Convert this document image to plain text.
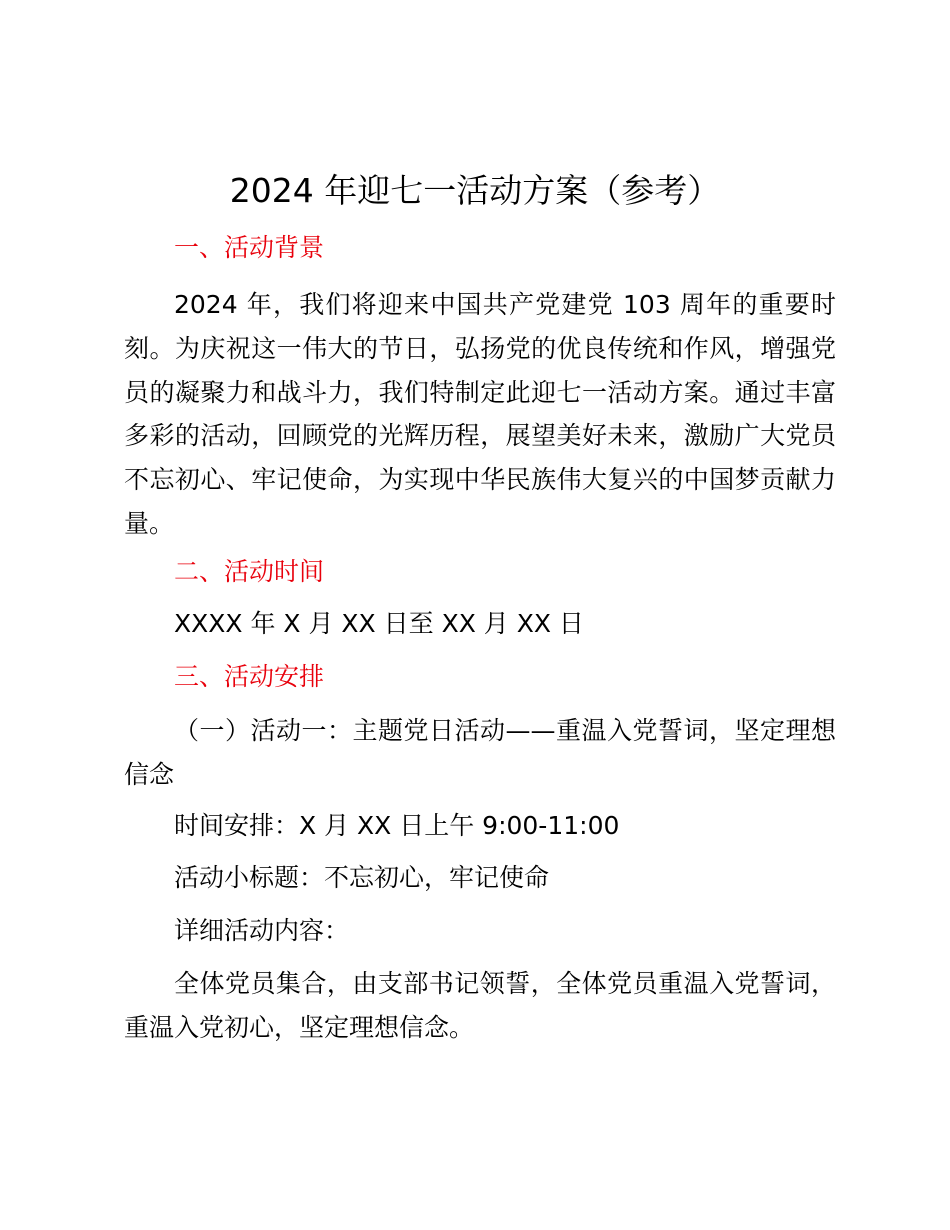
2024 年迎七一活动方案（参考）
一、活动背景

2024 年，我们将迎来中国共产党建党 103 周年的重要时刻。为庆祝这一伟大的节日，弘扬党的优良传统和作风，增强党员的凝聚力和战斗力，我们特制定此迎七一活动方案。通过丰富多彩的活动，回顾党的光辉历程，展望美好未来，激励广大党员不忘初心、牢记使命，为实现中华民族伟大复兴的中国梦贡献力量。

二、活动时间
XXXX 年 X 月 XX 日至 XX 月 XX 日
三、活动安排

（一）活动一：主题党日活动——重温入党誓词，坚定理想信念

时间安排：X 月 XX 日上午 9:00-11:00
活动小标题：不忘初心，牢记使命
详细活动内容：

全体党员集合，由支部书记领誓，全体党员重温入党誓词，重温入党初心，坚定理想信念。
